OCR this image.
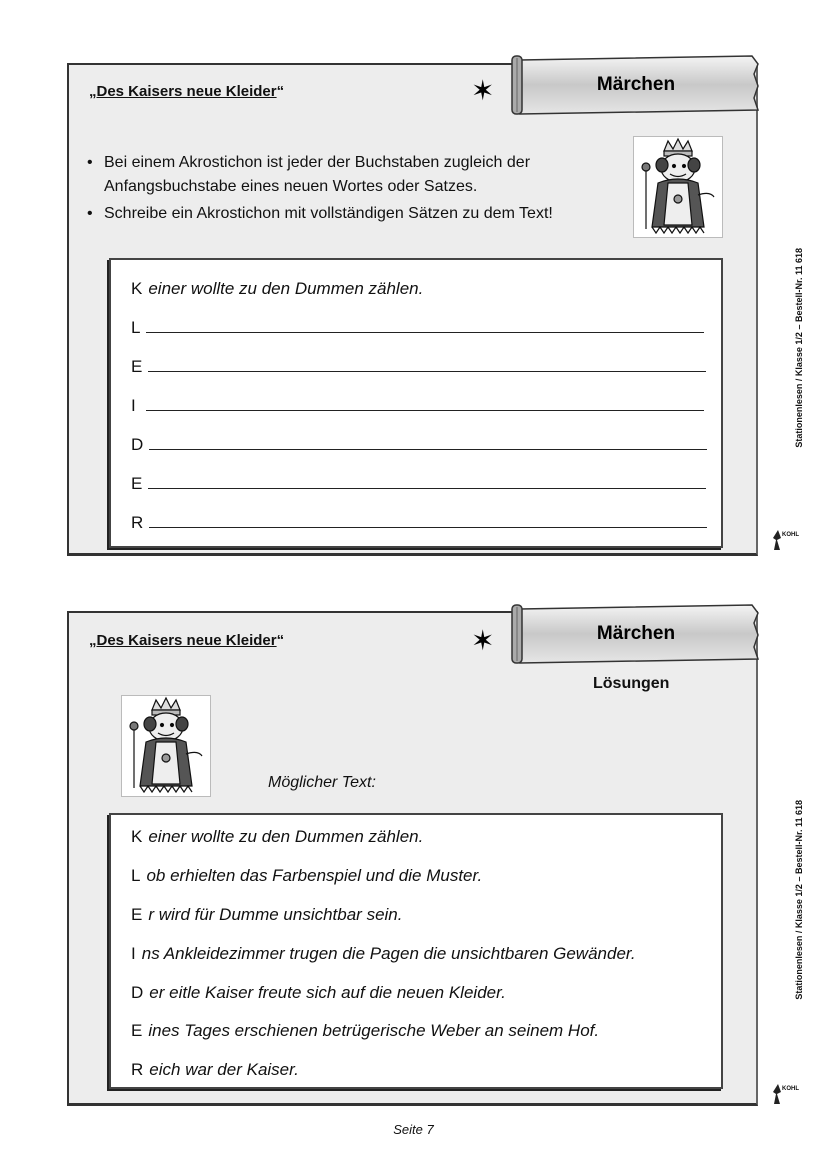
„Des Kaisers neue Kleider“	✶
• Bei einem Akrostichon ist jeder der Buchstaben zugleich der Anfangsbuchstabe eines neuen Wortes oder Satzes.
• Schreibe ein Akrostichon mit vollständigen Sätzen zu dem Text!
K einer wollte zu den Dummen zählen.
L
E
I
D
E
R
Märchen
„Des Kaisers neue Kleider“	✶
Lösungen
Möglicher Text:
K einer wollte zu den Dummen zählen.
L ob erhielten das Farbenspiel und die Muster.
E r wird für Dumme unsichtbar sein.
I ns Ankleidezimmer trugen die Pagen die unsichtbaren Gewänder.
D er eitle Kaiser freute sich auf die neuen Kleider.
E ines Tages erschienen betrügerische Weber an seinem Hof.
R eich war der Kaiser.
Märchen
Stationenlesen / Klasse 1/2 – Bestell-Nr. 11 618
Stationenlesen / Klasse 1/2 – Bestell-Nr. 11 618
KOHL
KOHL
Seite 7
